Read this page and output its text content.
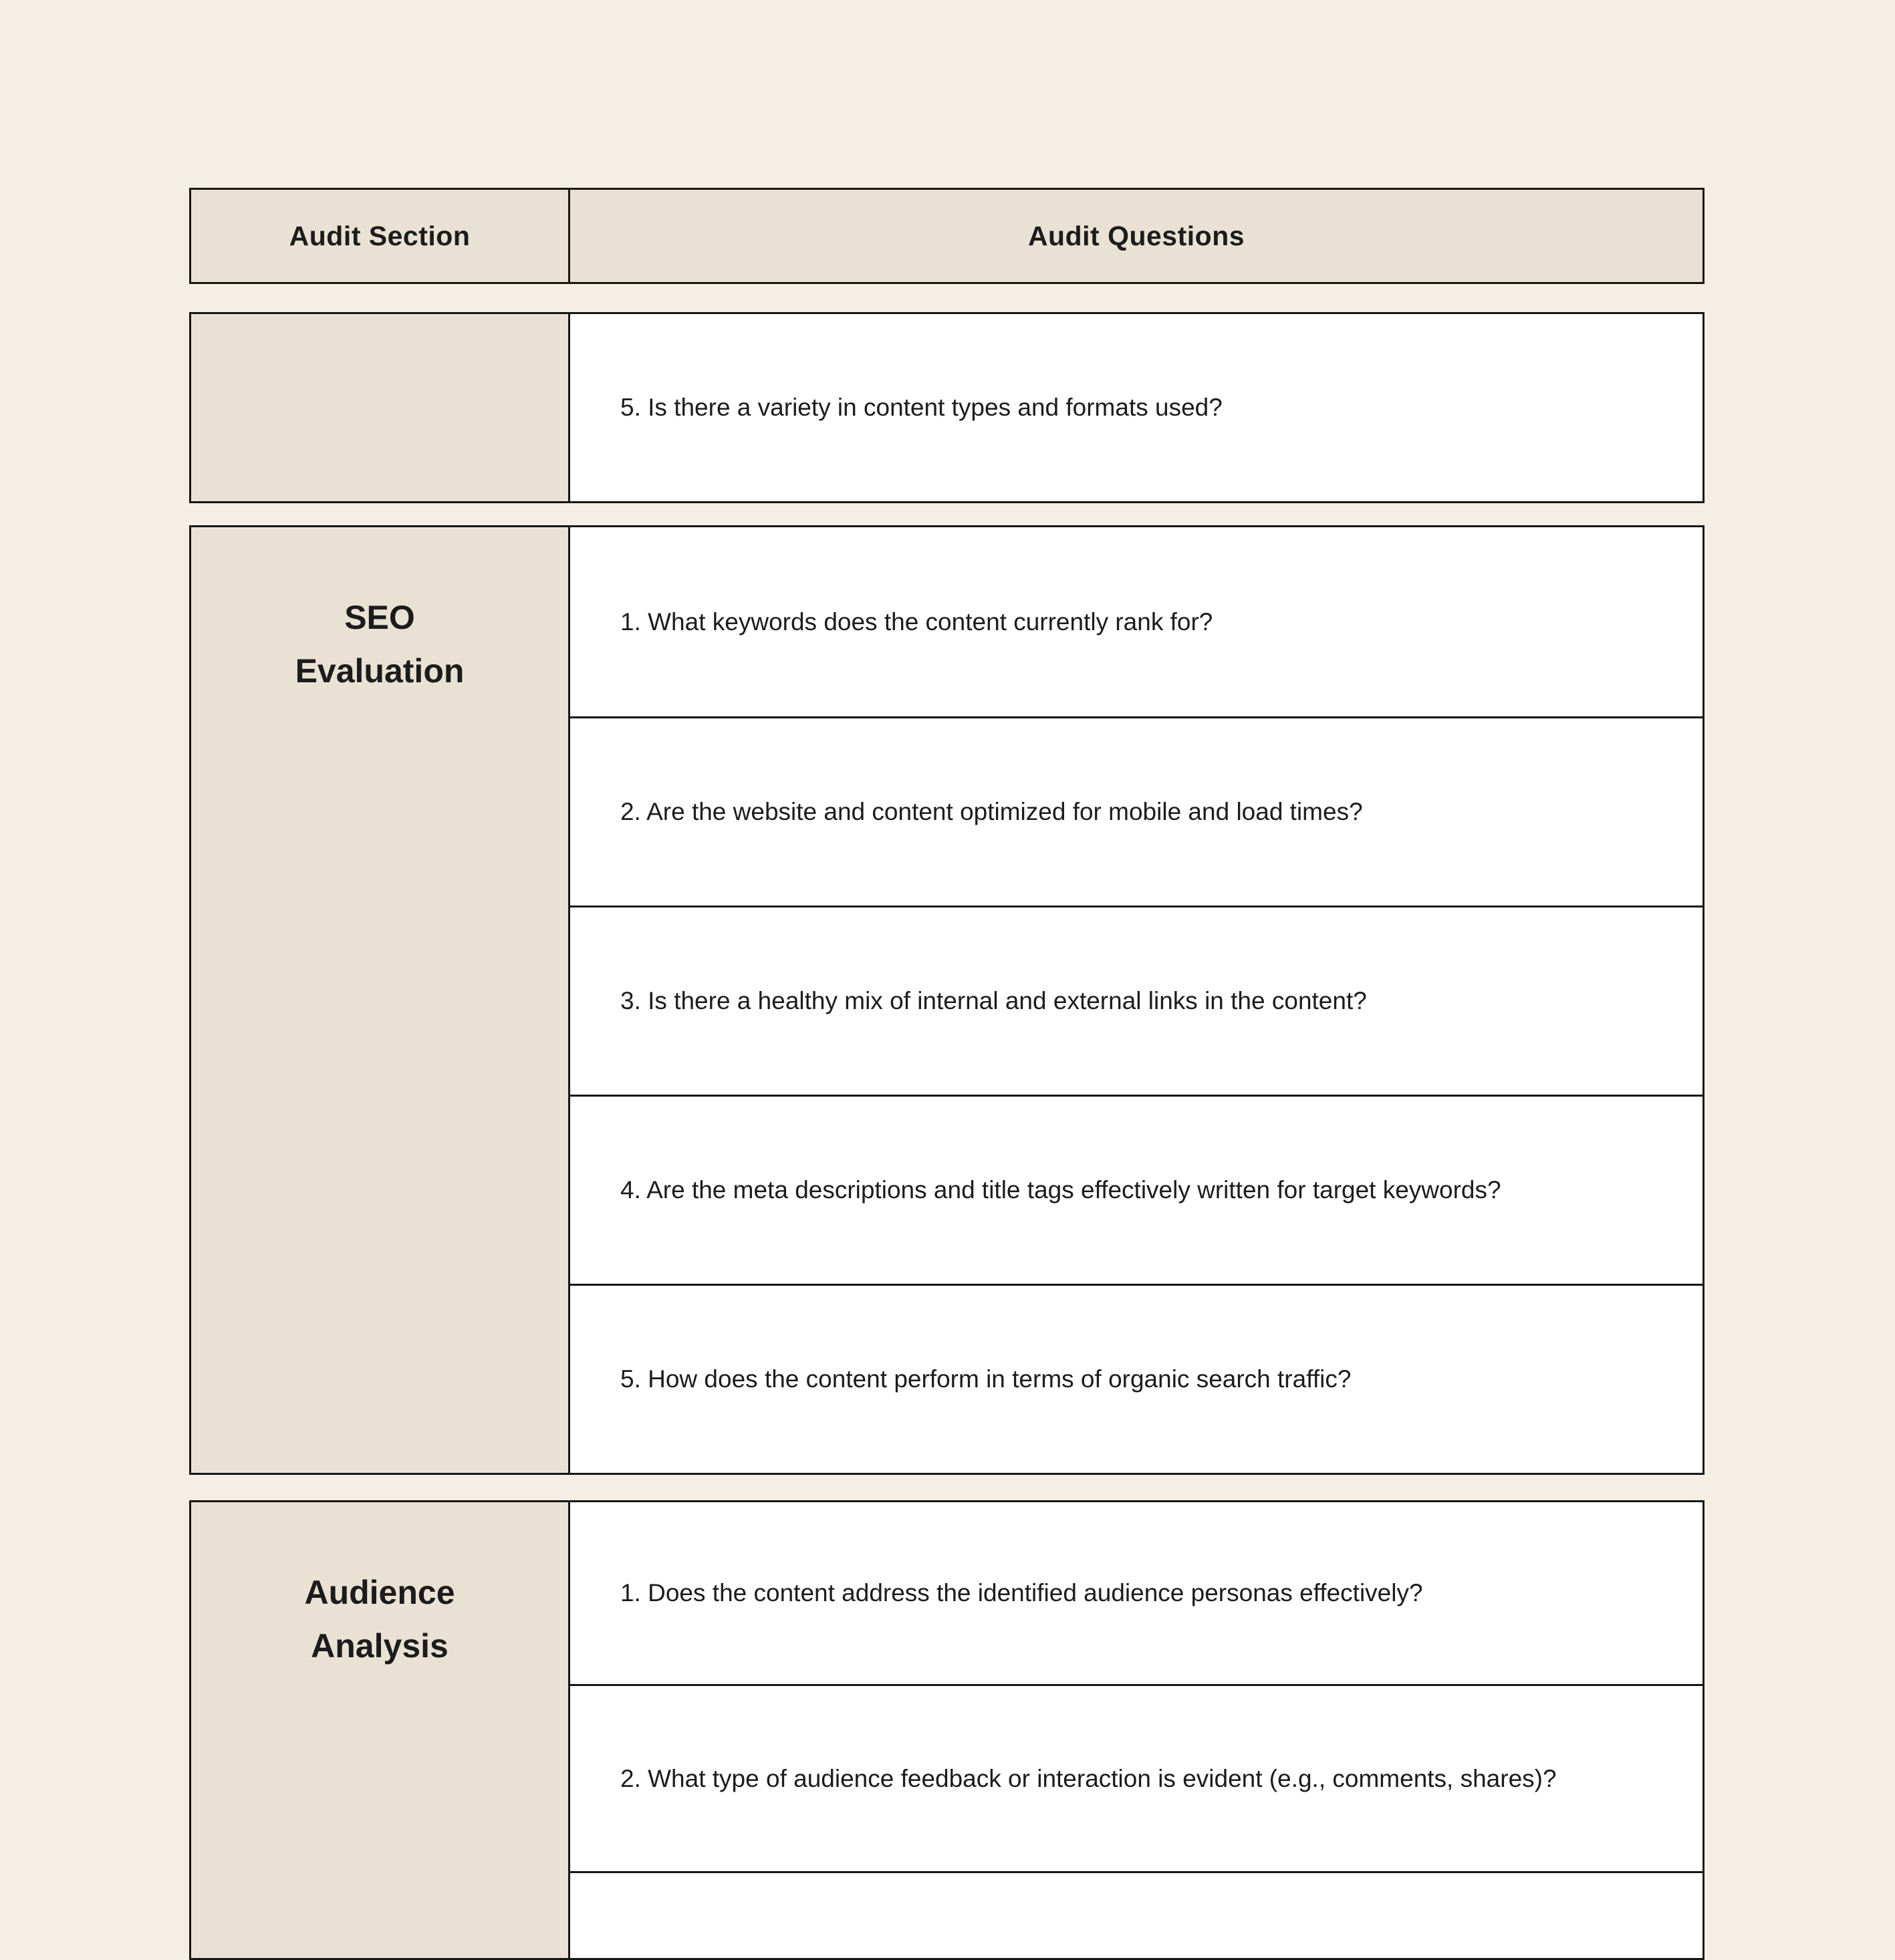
Audit Section	Audit Questions
5. Is there a variety in content types and formats used?
SEO
Evaluation
1. What keywords does the content currently rank for?
2. Are the website and content optimized for mobile and load times?
3. Is there a healthy mix of internal and external links in the content?
4. Are the meta descriptions and title tags effectively written for target keywords?
5. How does the content perform in terms of organic search traffic?
Audience
Analysis
1. Does the content address the identified audience personas effectively?
2. What type of audience feedback or interaction is evident (e.g., comments, shares)?
